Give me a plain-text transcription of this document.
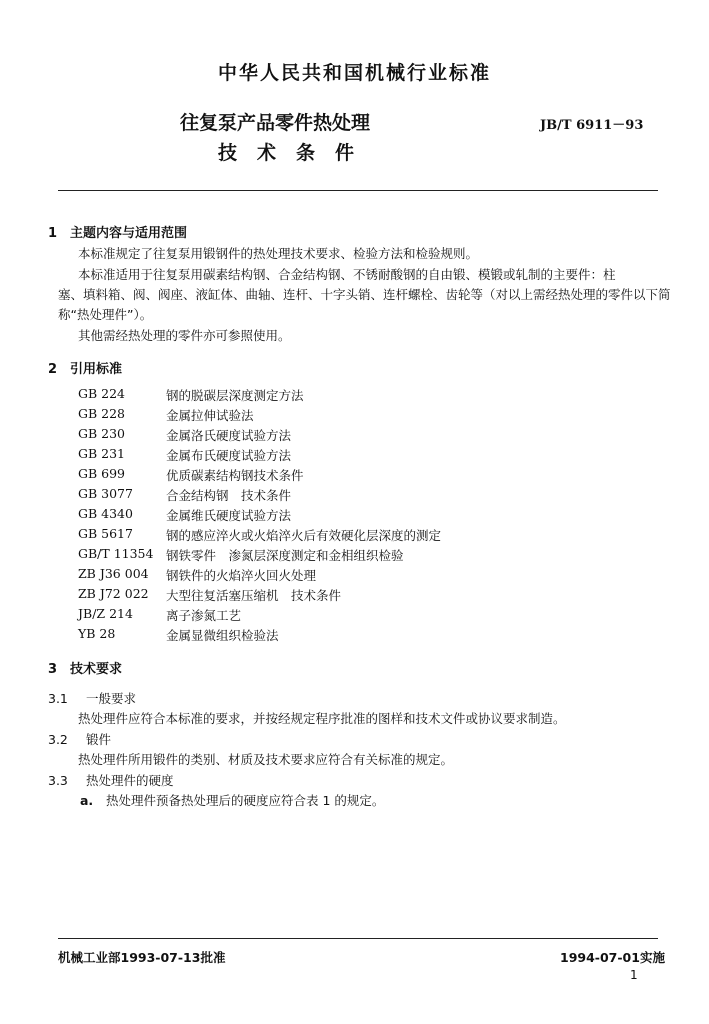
中华人民共和国机械行业标准
往复泵产品零件热处理
技术条件
JB/T 6911－93
1 主题内容与适用范围
本标准规定了往复泵用锻钢件的热处理技术要求、检验方法和检验规则。
本标准适用于往复泵用碳素结构钢、合金结构钢、不锈耐酸钢的自由锻、模锻或轧制的主要件：柱
塞、填料箱、阀、阀座、液缸体、曲轴、连杆、十字头销、连杆螺栓、齿轮等（对以上需经热处理的零件以下简
称“热处理件”）。
其他需经热处理的零件亦可参照使用。
2 引用标准
GB 224	钢的脱碳层深度测定方法
GB 228	金属拉伸试验法
GB 230	金属洛氏硬度试验方法
GB 231	金属布氏硬度试验方法
GB 699	优质碳素结构钢技术条件
GB 3077	合金结构钢　技术条件
GB 4340	金属维氏硬度试验方法
GB 5617	钢的感应淬火或火焰淬火后有效硬化层深度的测定
GB/T 11354 钢铁零件　渗氮层深度测定和金相组织检验
ZB J36 004 钢铁件的火焰淬火回火处理
ZB J72 022 大型往复活塞压缩机　技术条件
JB/Z 214	离子渗氮工艺
YB 28	金属显微组织检验法
3 技术要求
3.1 一般要求
热处理件应符合本标准的要求，并按经规定程序批准的图样和技术文件或协议要求制造。
3.2 锻件
热处理件所用锻件的类别、材质及技术要求应符合有关标准的规定。
3.3 热处理件的硬度
a. 热处理件预备热处理后的硬度应符合表 1 的规定。
机械工业部1993-07-13批准	1994-07-01实施
1
